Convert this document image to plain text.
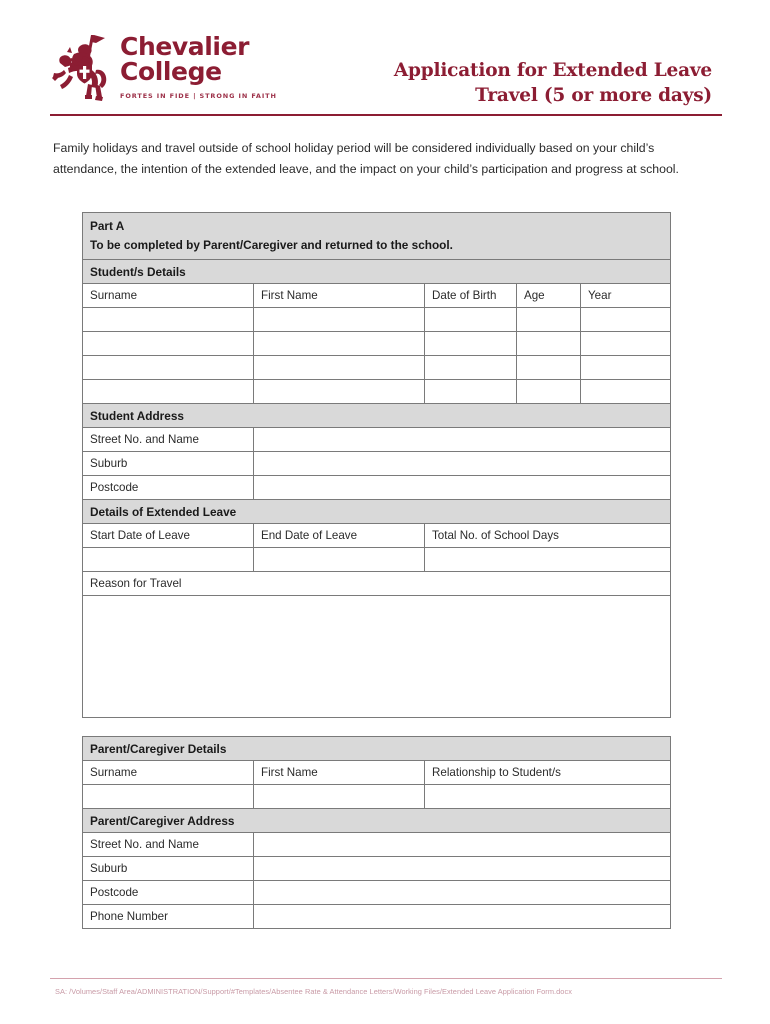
Chevalier
College
FORTES IN FIDE | STRONG IN FAITH
Application for Extended Leave
Travel (5 or more days)

Family holidays and travel outside of school holiday period will be considered individually based on your child’s attendance, the intention of the extended leave, and the impact on your child’s participation and progress at school.

Part A
To be completed by Parent/Caregiver and returned to the school.				

Student/s Details				
Surname	First Name	Date of Birth	Age	Year

Student Address				
Street No. and Name				
Suburb				
Postcode				
Details of Extended Leave				
Start Date of Leave	End Date of Leave	Total No. of School Days		

Reason for Travel				

Parent/Caregiver Details		
Surname	First Name	Relationship to Student/s

Parent/Caregiver Address		
Street No. and Name		
Suburb		
Postcode		
Phone Number		
SA: /Volumes/Staff Area/ADMINISTRATION/Support/#Templates/Absentee Rate & Attendance Letters/Working Files/Extended Leave Application Form.docx
